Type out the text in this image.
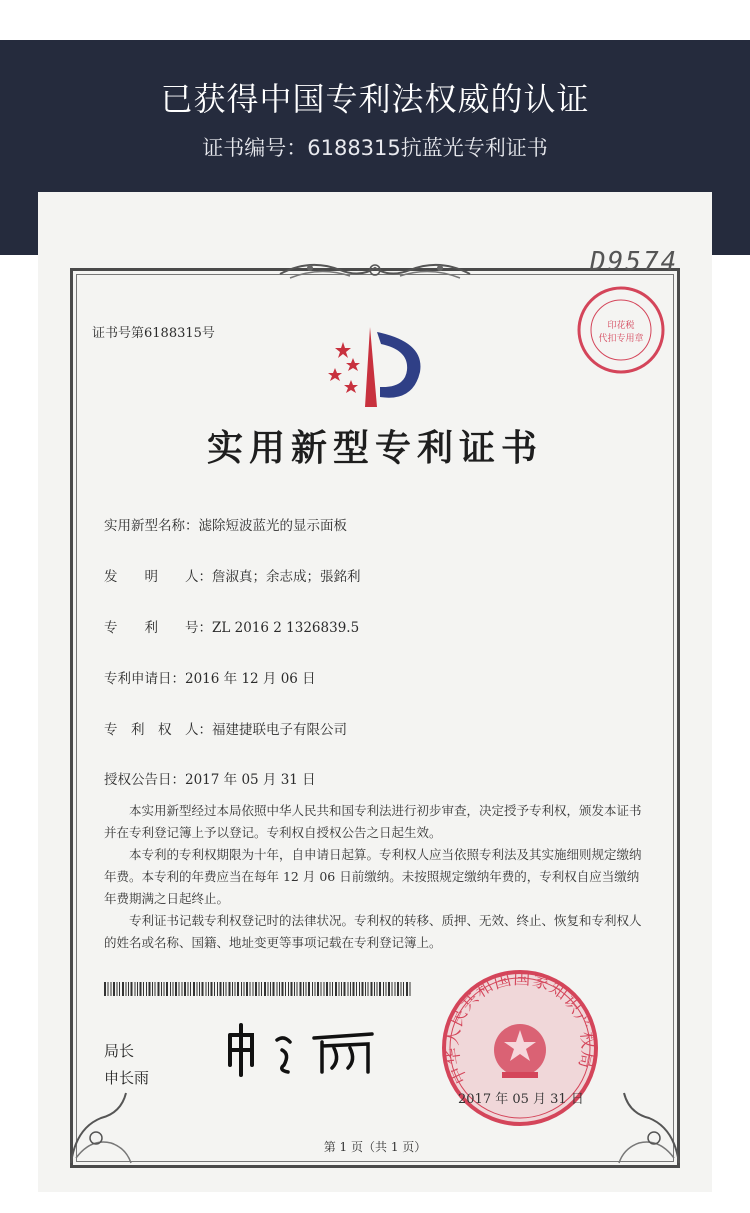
已获得中国专利法权威的认证
证书编号：6188315抗蓝光专利证书
D9574
印花税
代扣专用章
证书号第6188315号
实用新型专利证书
实用新型名称：滤除短波蓝光的显示面板
发　　明　　人：詹淑真；余志成；張銘利
专　　利　　号：ZL 2016 2 1326839.5
专利申请日：2016 年 12 月 06 日
专　利　权　人：福建捷联电子有限公司
授权公告日：2017 年 05 月 31 日
本实用新型经过本局依照中华人民共和国专利法进行初步审查，决定授予专利权，颁发本证书并在专利登记簿上予以登记。专利权自授权公告之日起生效。
本专利的专利权期限为十年，自申请日起算。专利权人应当依照专利法及其实施细则规定缴纳年费。本专利的年费应当在每年 12 月 06 日前缴纳。未按照规定缴纳年费的，专利权自应当缴纳年费期满之日起终止。
专利证书记载专利权登记时的法律状况。专利权的转移、质押、无效、终止、恢复和专利权人的姓名或名称、国籍、地址变更等事项记载在专利登记簿上。
局长
申长雨	中华人民共和国国家知识产权局
2017 年 05 月 31 日
第 1 页（共 1 页）
